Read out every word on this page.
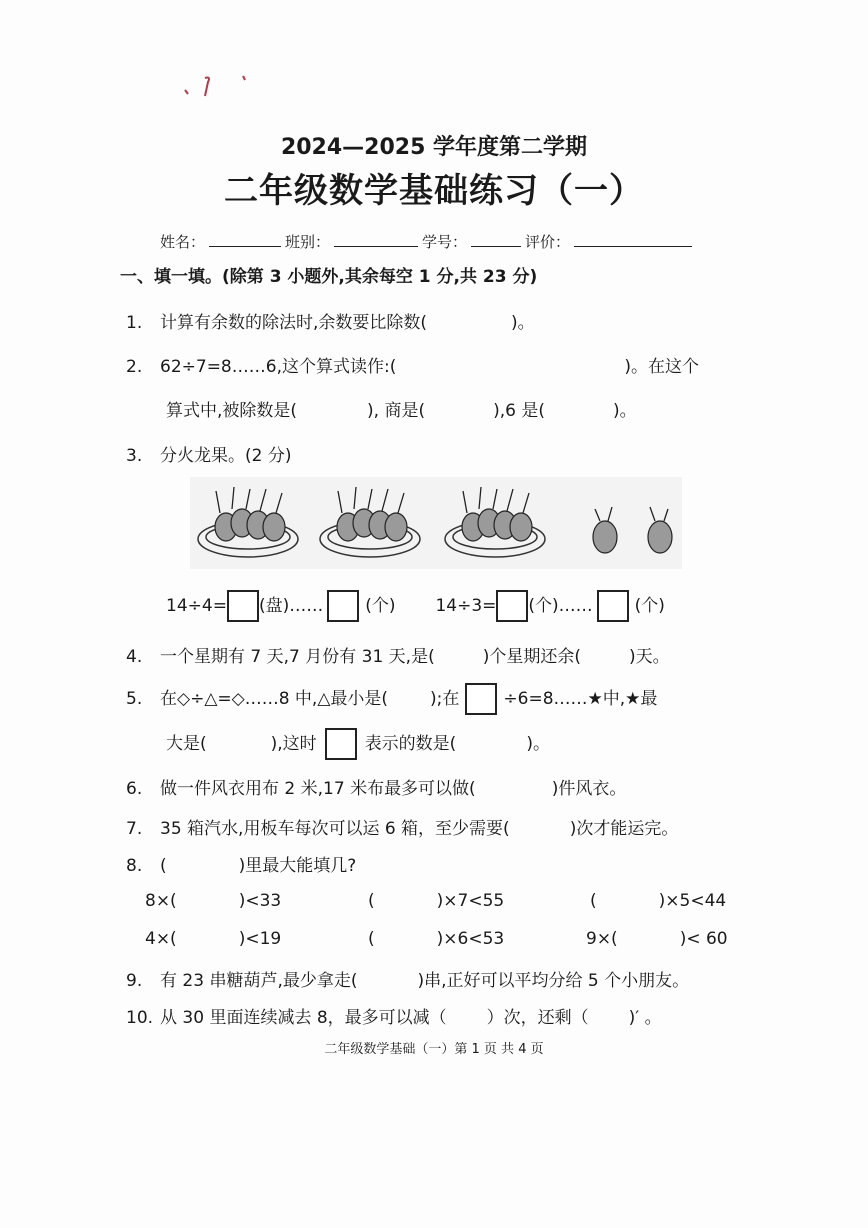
2024—2025 学年度第二学期
二年级数学基础练习（一）
姓名：	班别：	学号：	评价：
一、填一填。(除第 3 小题外,其余每空 1 分,共 23 分)
1. 计算有余数的除法时,余数要比除数(	)。
2. 62÷7=8……6,这个算式读作:(	)。在这个
算式中,被除数是(	), 商是(	),6 是(	)。
3. 分火龙果。(2 分)
14÷4= (盘)…… (个) 14÷3= (个)…… (个)
4. 一个星期有 7 天,7 月份有 31 天,是(	)个星期还余(	)天。
5. 在◇÷△=◇……8 中,△最小是( );在	÷6=8……★中,★最
大是(	),这时	表示的数是(	)。
6. 做一件风衣用布 2 米,17 米布最多可以做(	)件风衣。
7. 35 箱汽水,用板车每次可以运 6 箱，至少需要(	)次才能运完。
8. (	)里最大能填几?
8×(	)<33	(	)×7<55	(	)×5<44
4×(	)<19	(	)×6<53	9×(	)< 60
9. 有 23 串糖葫芦,最少拿走(	)串,正好可以平均分给 5 个小朋友。
10. 从 30 里面连续减去 8，最多可以减（ ）次，还剩（ )′ 。
二年级数学基础（一）第 1 页 共 4 页
